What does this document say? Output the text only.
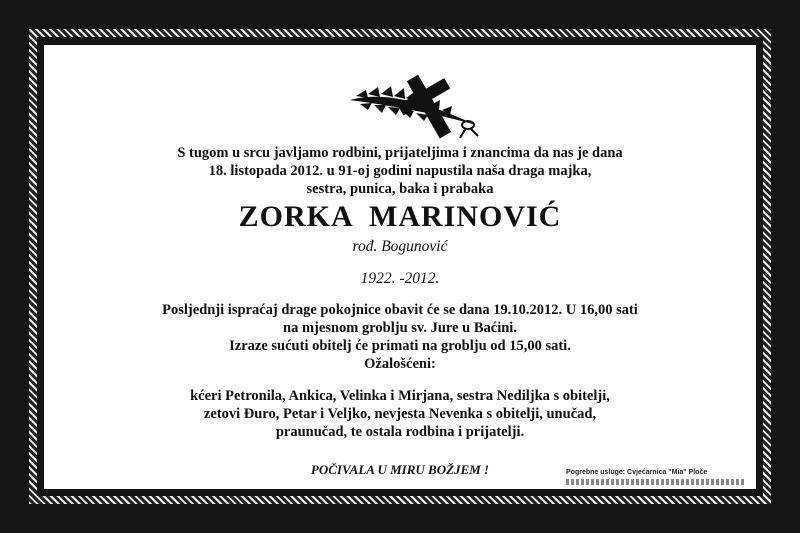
S tugom u srcu javljamo rodbini, prijateljima i znancima da nas je dana
18. listopada 2012. u 91-oj godini napustila naša draga majka,
sestra, punica, baka i prabaka
ZORKA  MARINOVIĆ
rođ. Bogunović
1922. -2012.
Posljednji ispraćaj drage pokojnice obavit će se dana 19.10.2012. U 16,00 sati
na mjesnom groblju sv. Jure u Baćini.
Izraze sućuti obitelj će primati na groblju od 15,00 sati.
Ožalošćeni:
kćeri Petronila, Ankica, Velinka i Mirjana, sestra Nediljka s obitelji,
zetovi Đuro, Petar i Veljko, nevjesta Nevenka s obitelji, unučad,
praunučad, te ostala rodbina i prijatelji.
POČIVALA U MIRU BOŽJEM !	Pogrebne usluge: Cvjećarnica "Mia" Ploče
